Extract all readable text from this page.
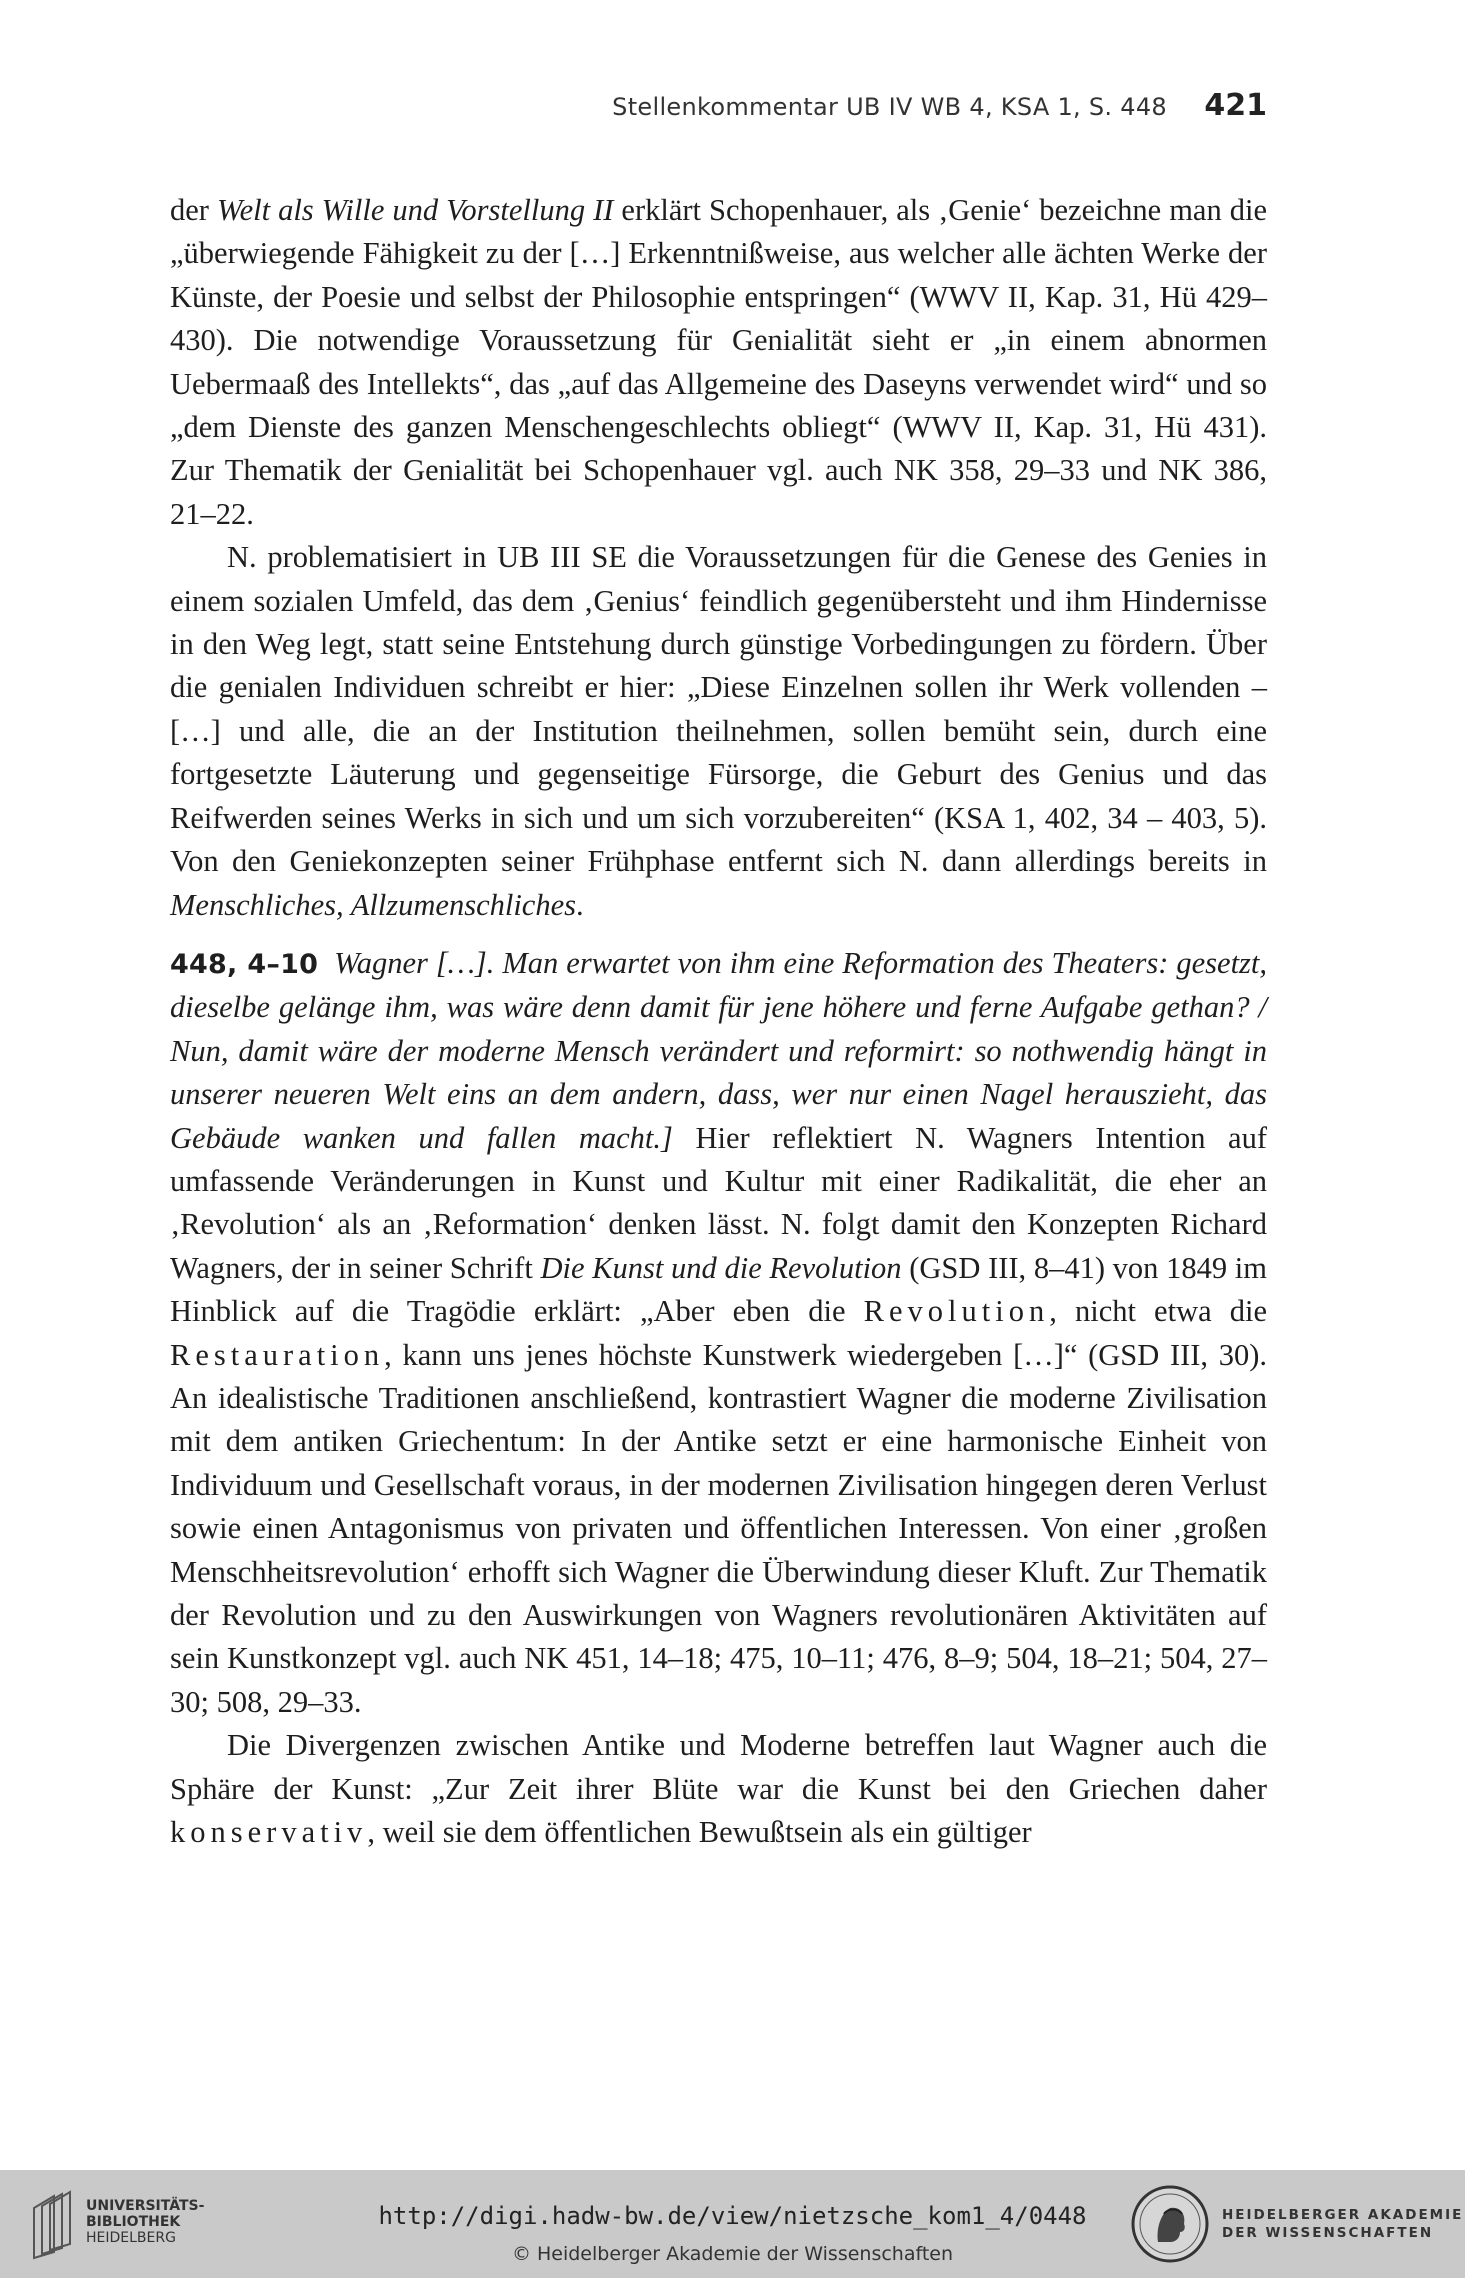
Stellenkommentar UB IV WB 4, KSA 1, S. 448 421

der Welt als Wille und Vorstellung II erklärt Schopenhauer, als ‚Genie‘ bezeichne man die „überwiegende Fähigkeit zu der […] Erkenntnißweise, aus welcher alle ächten Werke der Künste, der Poesie und selbst der Philosophie entspringen“ (WWV II, Kap. 31, Hü 429–430). Die notwendige Voraussetzung für Genialität sieht er „in einem abnormen Uebermaaß des Intellekts“, das „auf das Allgemeine des Daseyns verwendet wird“ und so „dem Dienste des ganzen Menschengeschlechts obliegt“ (WWV II, Kap. 31, Hü 431). Zur Thematik der Genialität bei Schopenhauer vgl. auch NK 358, 29–33 und NK 386, 21–22.

N. problematisiert in UB III SE die Voraussetzungen für die Genese des Genies in einem sozialen Umfeld, das dem ‚Genius‘ feindlich gegenübersteht und ihm Hindernisse in den Weg legt, statt seine Entstehung durch günstige Vorbedingungen zu fördern. Über die genialen Individuen schreibt er hier: „Diese Einzelnen sollen ihr Werk vollenden – […] und alle, die an der Institution theilnehmen, sollen bemüht sein, durch eine fortgesetzte Läuterung und gegenseitige Fürsorge, die Geburt des Genius und das Reifwerden seines Werks in sich und um sich vorzubereiten“ (KSA 1, 402, 34 – 403, 5). Von den Geniekonzepten seiner Frühphase entfernt sich N. dann allerdings bereits in Menschliches, Allzumenschliches.

448, 4–10 Wagner […]. Man erwartet von ihm eine Reformation des Theaters: gesetzt, dieselbe gelänge ihm, was wäre denn damit für jene höhere und ferne Aufgabe gethan? / Nun, damit wäre der moderne Mensch verändert und reformirt: so nothwendig hängt in unserer neueren Welt eins an dem andern, dass, wer nur einen Nagel herauszieht, das Gebäude wanken und fallen macht.] Hier reflektiert N. Wagners Intention auf umfassende Veränderungen in Kunst und Kultur mit einer Radikalität, die eher an ‚Revolution‘ als an ‚Reformation‘ denken lässt. N. folgt damit den Konzepten Richard Wagners, der in seiner Schrift Die Kunst und die Revolution (GSD III, 8–41) von 1849 im Hinblick auf die Tragödie erklärt: „Aber eben die Revolution, nicht etwa die Restauration, kann uns jenes höchste Kunstwerk wiedergeben […]“ (GSD III, 30). An idealistische Traditionen anschließend, kontrastiert Wagner die moderne Zivilisation mit dem antiken Griechentum: In der Antike setzt er eine harmonische Einheit von Individuum und Gesellschaft voraus, in der modernen Zivilisation hingegen deren Verlust sowie einen Antagonismus von privaten und öffentlichen Interessen. Von einer ‚großen Menschheitsrevolution‘ erhofft sich Wagner die Überwindung dieser Kluft. Zur Thematik der Revolution und zu den Auswirkungen von Wagners revolutionären Aktivitäten auf sein Kunstkonzept vgl. auch NK 451, 14–18; 475, 10–11; 476, 8–9; 504, 18–21; 504, 27–30; 508, 29–33.

Die Divergenzen zwischen Antike und Moderne betreffen laut Wagner auch die Sphäre der Kunst: „Zur Zeit ihrer Blüte war die Kunst bei den Griechen daher konservativ, weil sie dem öffentlichen Bewußtsein als ein gültiger

UNIVERSITÄTS-
BIBLIOTHEK
HEIDELBERG
http://digi.hadw-bw.de/view/nietzsche_kom1_4/0448
© Heidelberger Akademie der Wissenschaften
HEIDELBERGER AKADEMIE
DER WISSENSCHAFTEN
